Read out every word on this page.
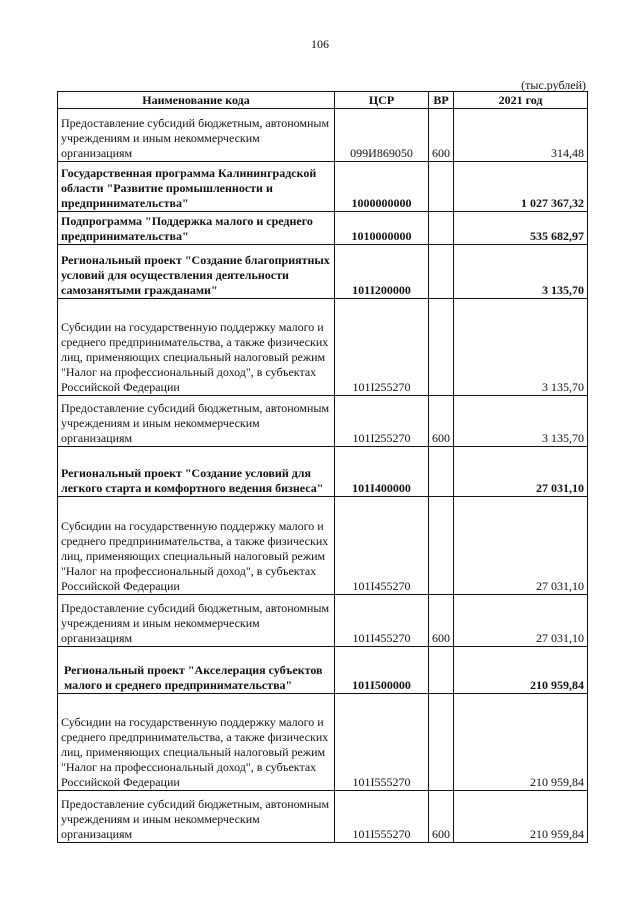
106
(тыс.рублей)
Наименование кода	ЦСР	ВР	2021 год
Предоставление субсидий бюджетным, автономным учреждениям и иным некоммерческим организациям	099И869050	600	314,48
Государственная программа Калининградской области "Развитие промышленности и предпринимательства"	1000000000		1 027 367,32
Подпрограмма "Поддержка малого и среднего предпринимательства"	1010000000		535 682,97
Региональный проект "Создание благоприятных условий для осуществления деятельности самозанятыми гражданами"	101I200000		3 135,70
Субсидии на государственную поддержку малого и среднего предпринимательства, а также физических лиц, применяющих специальный налоговый режим "Налог на профессиональный доход", в субъектах Российской Федерации	101I255270		3 135,70
Предоставление субсидий бюджетным, автономным учреждениям и иным некоммерческим организациям	101I255270	600	3 135,70
Региональный проект "Создание условий для легкого старта и комфортного ведения бизнеса"	101I400000		27 031,10
Субсидии на государственную поддержку малого и среднего предпринимательства, а также физических лиц, применяющих специальный налоговый режим "Налог на профессиональный доход", в субъектах Российской Федерации	101I455270		27 031,10
Предоставление субсидий бюджетным, автономным учреждениям и иным некоммерческим организациям	101I455270	600	27 031,10
Региональный проект "Акселерация субъектов малого и среднего предпринимательства"	101I500000		210 959,84
Субсидии на государственную поддержку малого и среднего предпринимательства, а также физических лиц, применяющих специальный налоговый режим "Налог на профессиональный доход", в субъектах Российской Федерации	101I555270		210 959,84
Предоставление субсидий бюджетным, автономным учреждениям и иным некоммерческим организациям	101I555270	600	210 959,84
